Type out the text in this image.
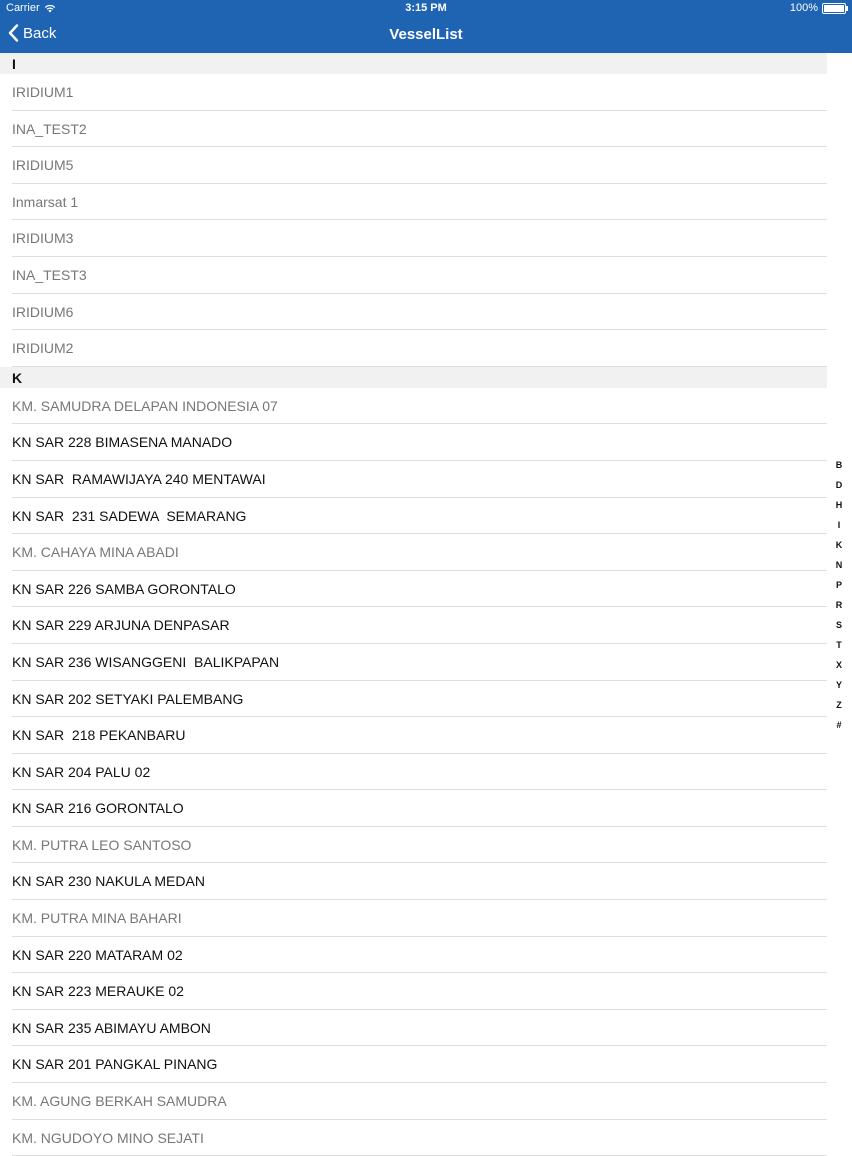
Carrier	3:15 PM	100%
Back	VesselList
I
IRIDIUM1
INA_TEST2
IRIDIUM5
Inmarsat 1
IRIDIUM3
INA_TEST3
IRIDIUM6
IRIDIUM2
K
KM. SAMUDRA DELAPAN INDONESIA 07
KN SAR 228 BIMASENA MANADO
KN SAR  RAMAWIJAYA 240 MENTAWAI
KN SAR  231 SADEWA  SEMARANG
KM. CAHAYA MINA ABADI
KN SAR 226 SAMBA GORONTALO
KN SAR 229 ARJUNA DENPASAR
KN SAR 236 WISANGGENI  BALIKPAPAN
KN SAR 202 SETYAKI PALEMBANG
KN SAR  218 PEKANBARU
KN SAR 204 PALU 02
KN SAR 216 GORONTALO
KM. PUTRA LEO SANTOSO
KN SAR 230 NAKULA MEDAN
KM. PUTRA MINA BAHARI
KN SAR 220 MATARAM 02
KN SAR 223 MERAUKE 02
KN SAR 235 ABIMAYU AMBON
KN SAR 201 PANGKAL PINANG
KM. AGUNG BERKAH SAMUDRA
KM. NGUDOYO MINO SEJATI
B
D
H
I
K
N
P
R
S
T
X
Y
Z
#
